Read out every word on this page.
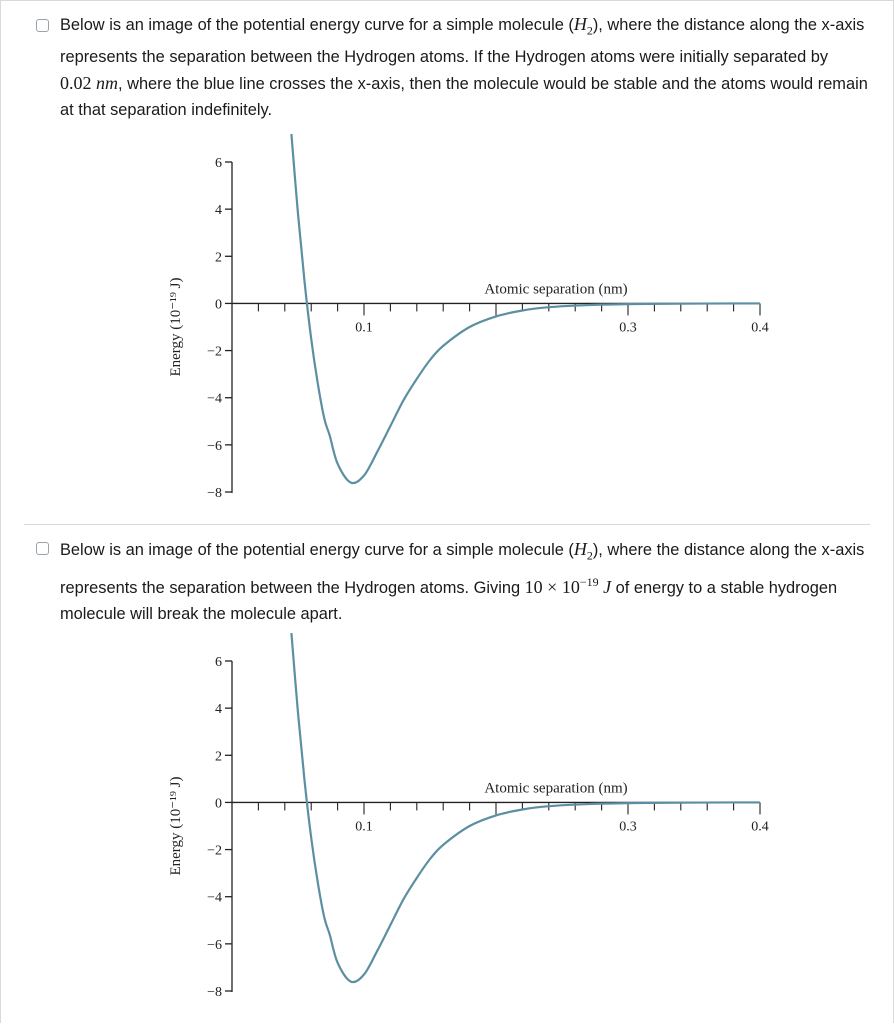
Below is an image of the potential energy curve for a simple molecule $(H_2)$, where the distance along the x-axis represents the separation between the Hydrogen atoms. If the Hydrogen atoms were initially separated by 0.02 nm, where the blue line crosses the x-axis, then the molecule would be stable and the atoms would remain at that separation indefinitely.

6
4
2
0
−2
−4
−6
−8
Energy (10⁻¹⁹ J)	0.1	0.3	0.4
Atomic separation (nm)

Below is an image of the potential energy curve for a simple molecule $(H_2)$, where the distance along the x-axis represents the separation between the Hydrogen atoms. Giving $10 \times 10^{-19}$ J of energy to a stable hydrogen molecule will break the molecule apart.

6
4
2
0
−2
−4
−6
−8
Energy (10⁻¹⁹ J)	0.1	0.3	0.4
Atomic separation (nm)
